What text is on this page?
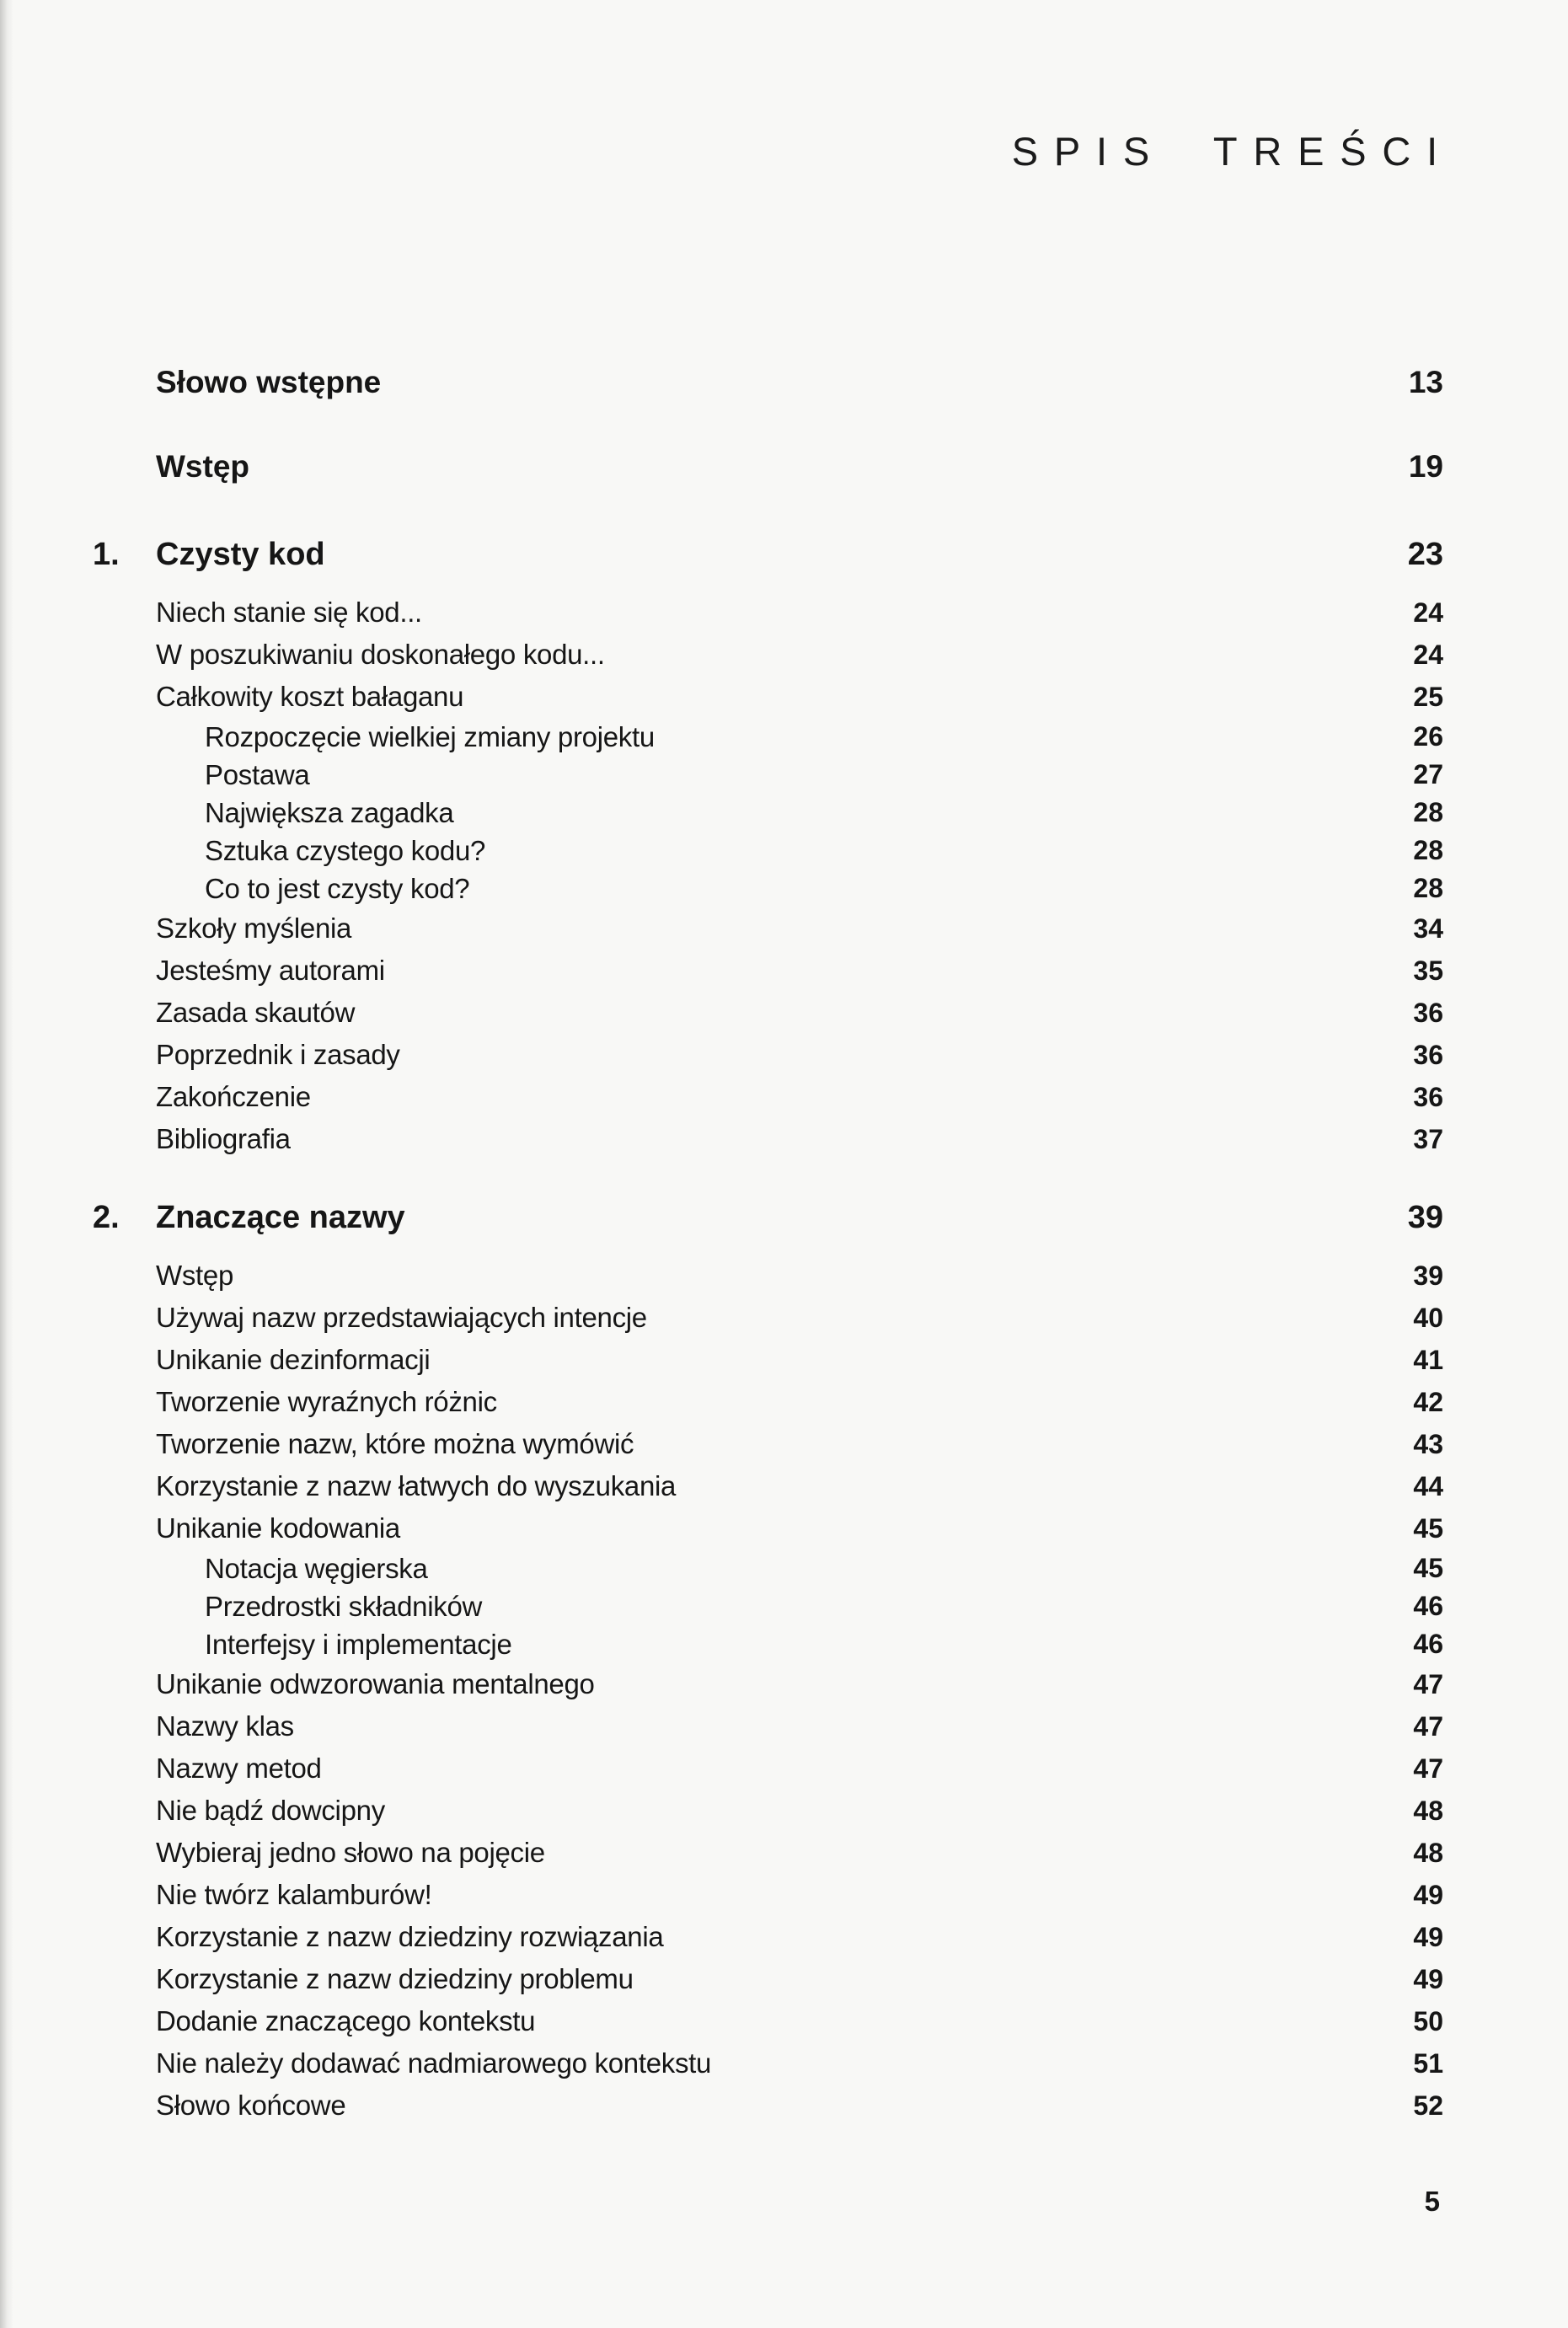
SPIS TREŚCI
Słowo wstępne	13
Wstęp	19
1.	Czysty kod	23
Niech stanie się kod...	24
W poszukiwaniu doskonałego kodu...	24
Całkowity koszt bałaganu	25
Rozpoczęcie wielkiej zmiany projektu	26
Postawa	27
Największa zagadka	28
Sztuka czystego kodu?	28
Co to jest czysty kod?	28
Szkoły myślenia	34
Jesteśmy autorami	35
Zasada skautów	36
Poprzednik i zasady	36
Zakończenie	36
Bibliografia	37
2.	Znaczące nazwy	39
Wstęp	39
Używaj nazw przedstawiających intencje	40
Unikanie dezinformacji	41
Tworzenie wyraźnych różnic	42
Tworzenie nazw, które można wymówić	43
Korzystanie z nazw łatwych do wyszukania	44
Unikanie kodowania	45
Notacja węgierska	45
Przedrostki składników	46
Interfejsy i implementacje	46
Unikanie odwzorowania mentalnego	47
Nazwy klas	47
Nazwy metod	47
Nie bądź dowcipny	48
Wybieraj jedno słowo na pojęcie	48
Nie twórz kalamburów!	49
Korzystanie z nazw dziedziny rozwiązania	49
Korzystanie z nazw dziedziny problemu	49
Dodanie znaczącego kontekstu	50
Nie należy dodawać nadmiarowego kontekstu	51
Słowo końcowe	52
5
